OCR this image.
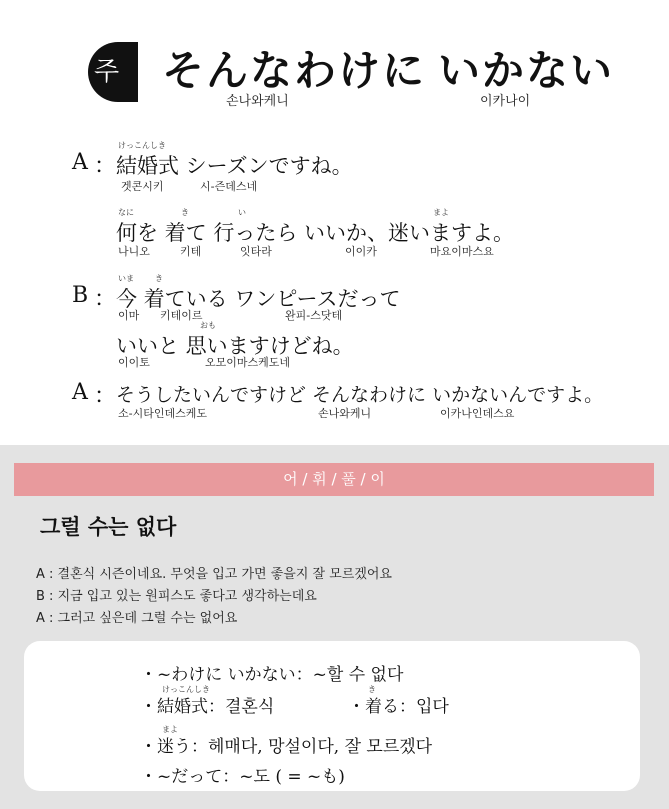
주제
そんなわけに いかない
손나와케니	이카나이
A ：
けっこんしき
結婚式 シーズンですね。
겟콘시키	시-즌데스네
なに	き	い	まよ
何を 着て 行ったら いいか、迷いますよ。
나니오	키테	잇타라	이이카	마요이마스요
B ：
いま	き
今 着ている ワンピースだって
이마 키테이르	완피-스닷테
おも
いいと 思いますけどね。
이이토	오모이마스케도네
A ： そうしたいんですけど そんなわけに いかないんですよ。
소-시타인데스케도	손나와케니	이카나인데스요
어 / 휘 / 풀 / 이
그럴 수는 없다
A : 결혼식 시즌이네요. 무엇을 입고 가면 좋을지 잘 모르겠어요
B : 지금 입고 있는 원피스도 좋다고 생각하는데요
A : 그러고 싶은데 그럴 수는 없어요
・~わけに いかない：~할 수 없다
けっこんしき
・結婚式：결혼식
き
・着る：입다
まよ
・迷う：헤매다, 망설이다, 잘 모르겠다
・~だって：~도 ( = ~も)
